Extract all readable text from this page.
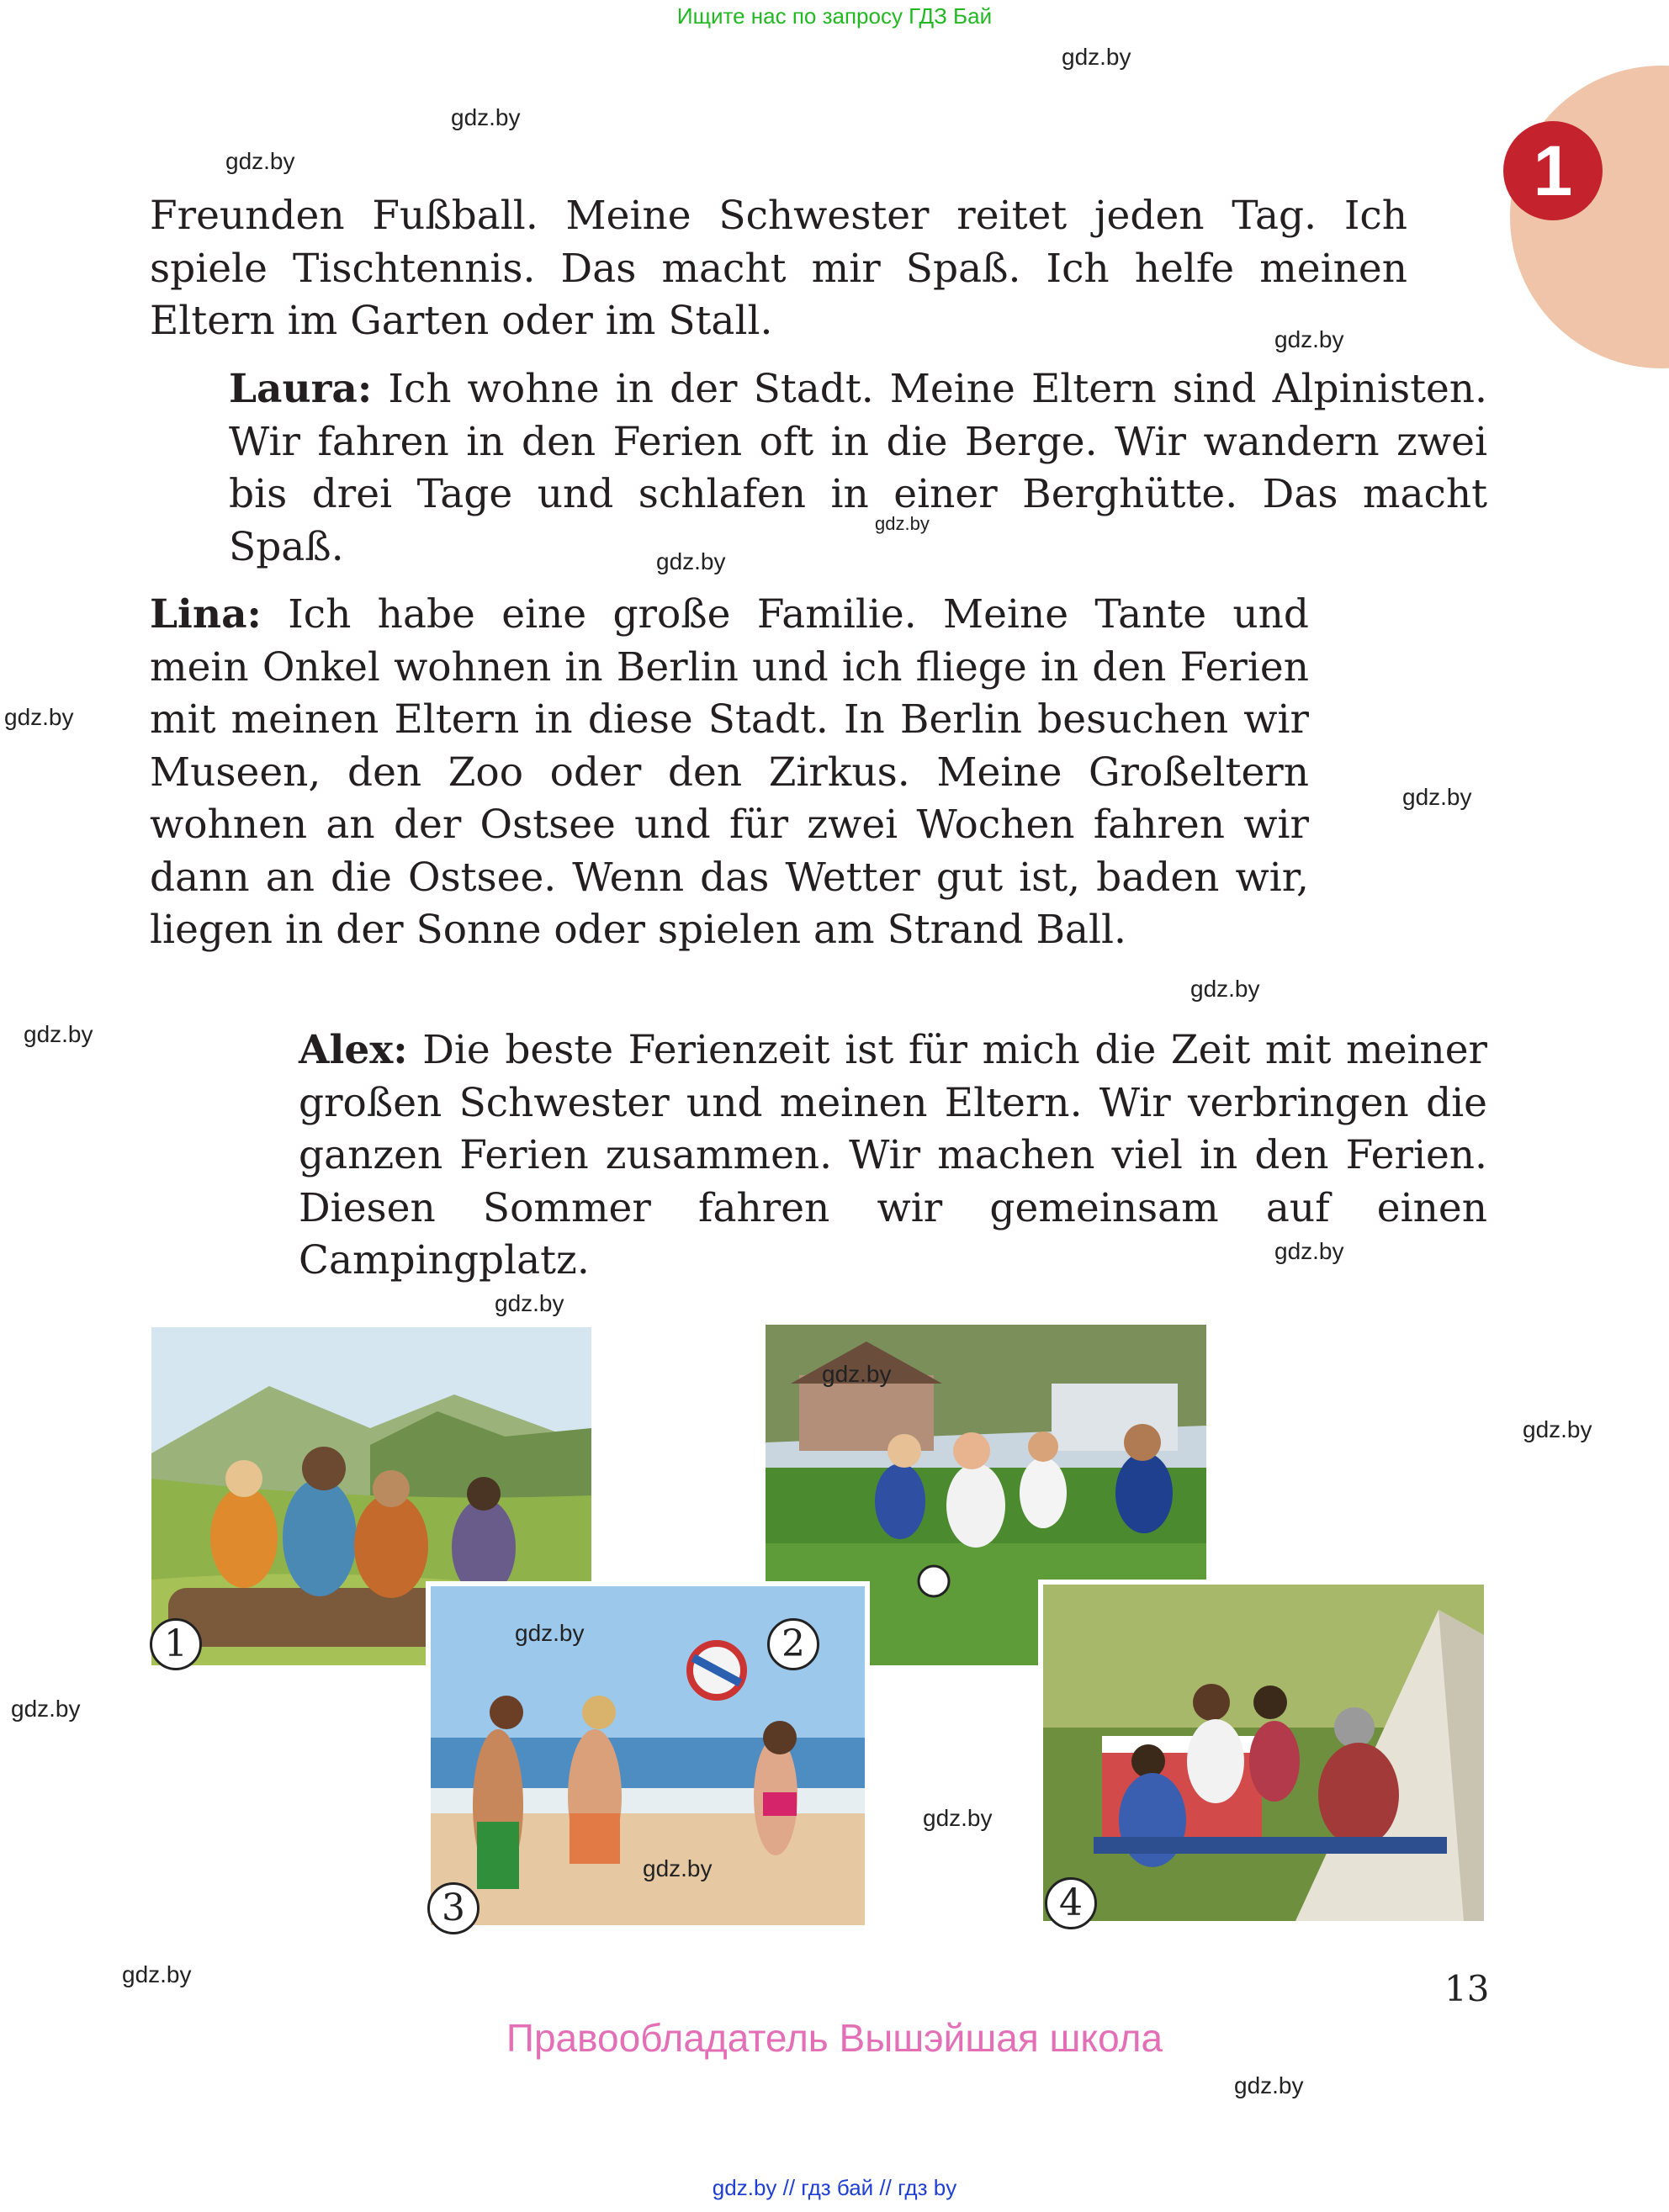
Ищите нас по запросу ГДЗ Бай
1
gdz.by
gdz.by
gdz.by
gdz.by
gdz.by
gdz.by
gdz.by
gdz.by
gdz.by
gdz.by
gdz.by
gdz.by
gdz.by
gdz.by
gdz.by
gdz.by

Freunden Fußball. Meine Schwester reitet jeden Tag. Ich spiele Tischtennis. Das macht mir Spaß. Ich helfe meinen Eltern im Garten oder im Stall.

Laura: Ich wohne in der Stadt. Meine Eltern sind Alpinisten. Wir fahren in den Ferien oft in die Berge. Wir wandern zwei bis drei Tage und schlafen in einer Berghütte. Das macht Spaß.

Lina: Ich habe eine große Familie. Meine Tante und mein Onkel wohnen in Berlin und ich fliege in den Ferien mit meinen Eltern in diese Stadt. In Berlin besuchen wir Museen, den Zoo oder den Zirkus. Meine Großeltern wohnen an der Ostsee und für zwei Wochen fahren wir dann an die Ostsee. Wenn das Wetter gut ist, baden wir, liegen in der Sonne oder spielen am Strand Ball.

Alex: Die beste Ferienzeit ist für mich die Zeit mit meiner großen Schwester und meinen Eltern. Wir verbringen die ganzen Ferien zusammen. Wir machen viel in den Ferien. Diesen Sommer fahren wir gemeinsam auf einen Campingplatz.

1	2
3	4
gdz.by
gdz.by
gdz.by
gdz.by
13
Правообладатель Вышэйшая школа
gdz.by // гдз бай // гдз by
